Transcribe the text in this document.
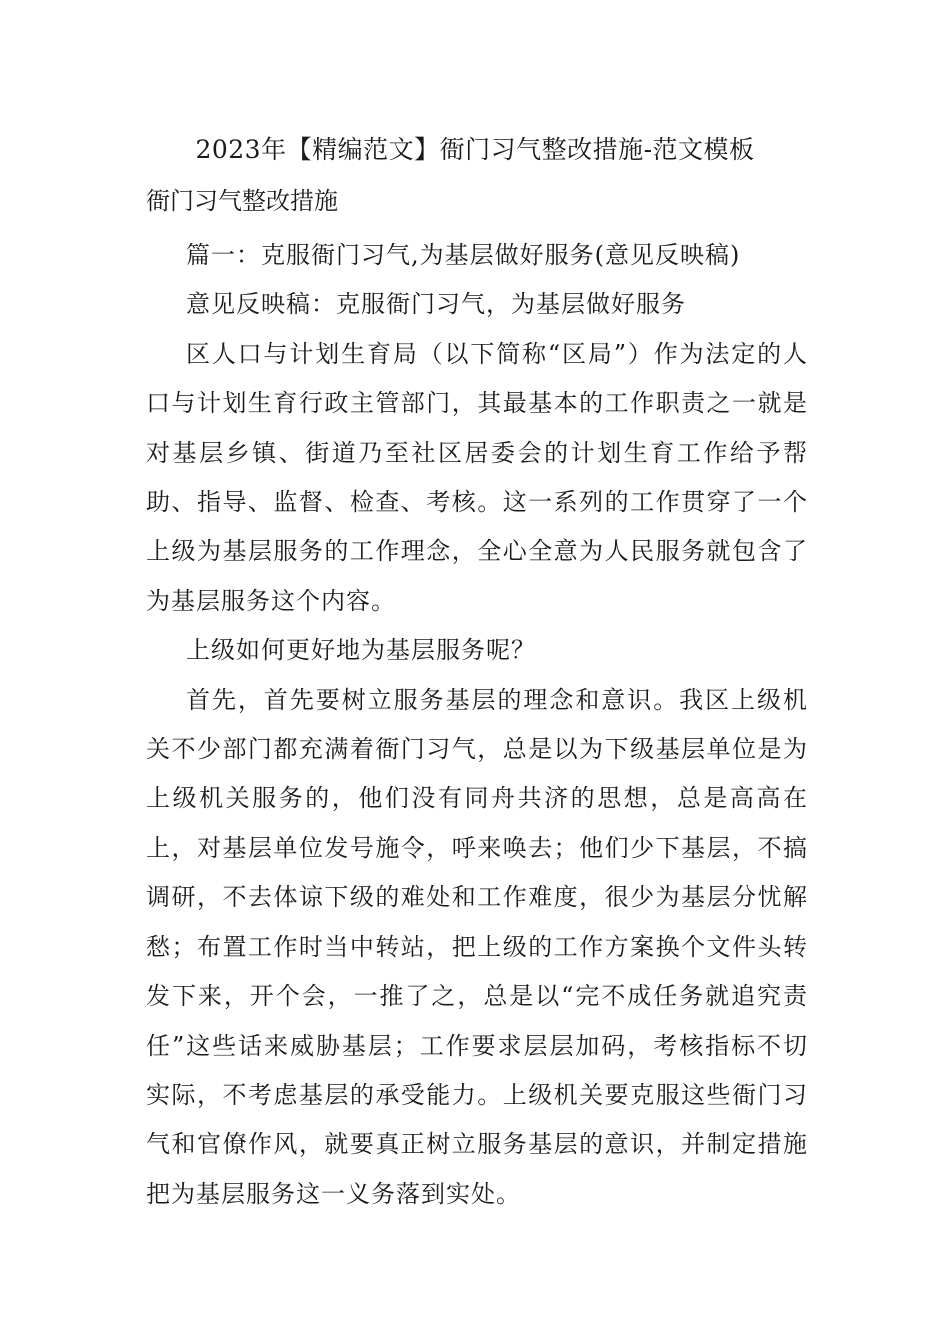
2023年【精编范文】衙门习气整改措施-范文模板
衙门习气整改措施

篇一：克服衙门习气,为基层做好服务(意见反映稿)

意见反映稿：克服衙门习气，为基层做好服务

区人口与计划生育局（以下简称“区局”）作为法定的人口与计划生育行政主管部门，其最基本的工作职责之一就是对基层乡镇、街道乃至社区居委会的计划生育工作给予帮助、指导、监督、检查、考核。这一系列的工作贯穿了一个上级为基层服务的工作理念，全心全意为人民服务就包含了为基层服务这个内容。

上级如何更好地为基层服务呢？

首先，首先要树立服务基层的理念和意识。我区上级机关不少部门都充满着衙门习气，总是以为下级基层单位是为上级机关服务的，他们没有同舟共济的思想，总是高高在上，对基层单位发号施令，呼来唤去；他们少下基层，不搞调研，不去体谅下级的难处和工作难度，很少为基层分忧解愁；布置工作时当中转站，把上级的工作方案换个文件头转发下来，开个会，一推了之，总是以“完不成任务就追究责任”这些话来威胁基层；工作要求层层加码，考核指标不切实际，不考虑基层的承受能力。上级机关要克服这些衙门习气和官僚作风，就要真正树立服务基层的意识，并制定措施把为基层服务这一义务落到实处。
